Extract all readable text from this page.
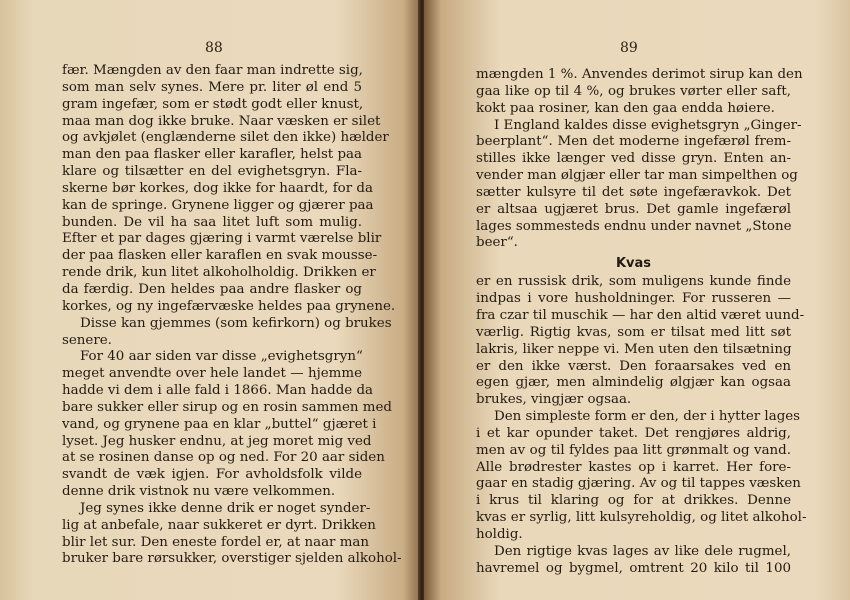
88
fær. Mængden av den faar man indrette sig,
som man selv synes. Mere pr. liter øl end 5
gram ingefær, som er stødt godt eller knust,
maa man dog ikke bruke. Naar væsken er silet
og avkjølet (englænderne silet den ikke) hælder
man den paa flasker eller karafler, helst paa
klare og tilsætter en del evighetsgryn. Fla-
skerne bør korkes, dog ikke for haardt, for da
kan de springe. Grynene ligger og gjærer paa
bunden. De vil ha saa litet luft som mulig.
Efter et par dages gjæring i varmt værelse blir
der paa flasken eller karaflen en svak mousse-
rende drik, kun litet alkoholholdig. Drikken er
da færdig. Den heldes paa andre flasker og
korkes, og ny ingefærvæske heldes paa grynene.
Disse kan gjemmes (som kefirkorn) og brukes
senere.
For 40 aar siden var disse „evighetsgryn“
meget anvendte over hele landet — hjemme
hadde vi dem i alle fald i 1866. Man hadde da
bare sukker eller sirup og en rosin sammen med
vand, og grynene paa en klar „buttel“ gjæret i
lyset. Jeg husker endnu, at jeg moret mig ved
at se rosinen danse op og ned. For 20 aar siden
svandt de væk igjen. For avholdsfolk vilde
denne drik vistnok nu være velkommen.
Jeg synes ikke denne drik er noget synder-
lig at anbefale, naar sukkeret er dyrt. Drikken
blir let sur. Den eneste fordel er, at naar man
bruker bare rørsukker, overstiger sjelden alkohol-
89
mængden 1 %. Anvendes derimot sirup kan den
gaa like op til 4 %, og brukes vørter eller saft,
kokt paa rosiner, kan den gaa endda høiere.
I England kaldes disse evighetsgryn „Ginger-
beerplant“. Men det moderne ingefærøl frem-
stilles ikke længer ved disse gryn. Enten an-
vender man ølgjær eller tar man simpelthen og
sætter kulsyre til det søte ingefæravkok. Det
er altsaa ugjæret brus. Det gamle ingefærøl
lages sommesteds endnu under navnet „Stone
beer“.
Kvas
er en russisk drik, som muligens kunde finde
indpas i vore husholdninger. For russeren —
fra czar til muschik — har den altid været uund-
værlig. Rigtig kvas, som er tilsat med litt søt
lakris, liker neppe vi. Men uten den tilsætning
er den ikke værst. Den foraarsakes ved en
egen gjær, men almindelig ølgjær kan ogsaa
brukes, vingjær ogsaa.
Den simpleste form er den, der i hytter lages
i et kar opunder taket. Det rengjøres aldrig,
men av og til fyldes paa litt grønmalt og vand.
Alle brødrester kastes op i karret. Her fore-
gaar en stadig gjæring. Av og til tappes væsken
i krus til klaring og for at drikkes. Denne
kvas er syrlig, litt kulsyreholdig, og litet alkohol-
holdig.
Den rigtige kvas lages av like dele rugmel,
havremel og bygmel, omtrent 20 kilo til 100
